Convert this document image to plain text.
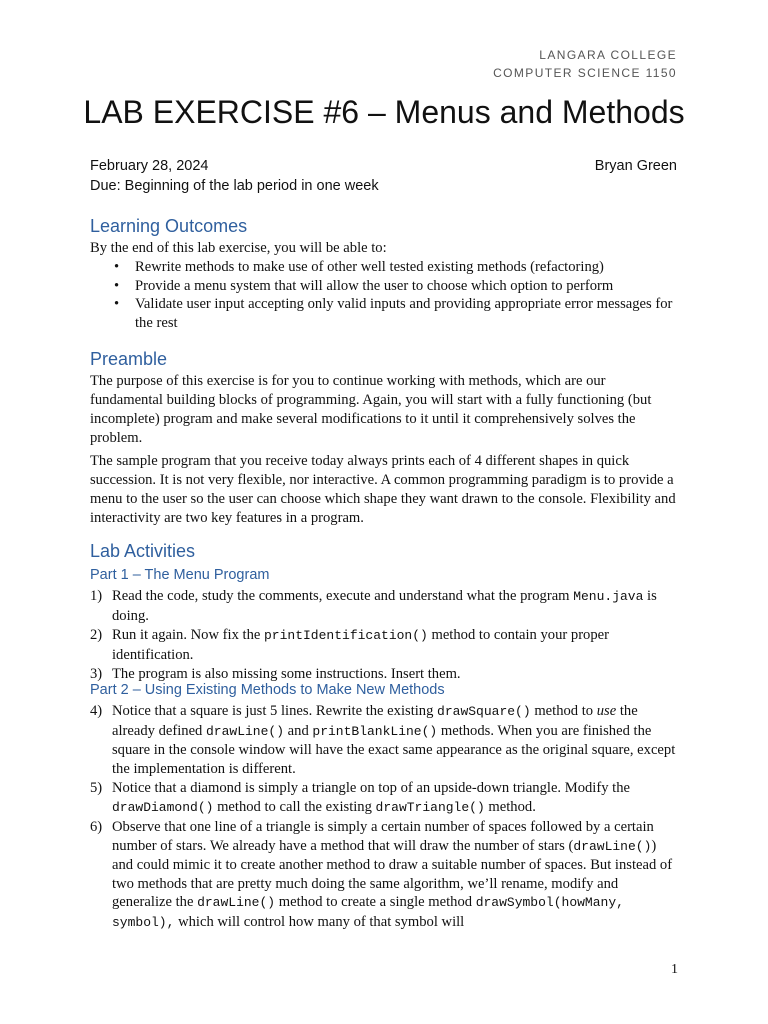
LANGARA COLLEGE
COMPUTER SCIENCE 1150
LAB EXERCISE #6 – Menus and Methods
February 28, 2024	Bryan Green
Due: Beginning of the lab period in one week
Learning Outcomes

By the end of this lab exercise, you will be able to:

• Rewrite methods to make use of other well tested existing methods (refactoring)
• Provide a menu system that will allow the user to choose which option to perform
• Validate user input accepting only valid inputs and providing appropriate error messages for the rest
Preamble

The purpose of this exercise is for you to continue working with methods, which are our fundamental building blocks of programming. Again, you will start with a fully functioning (but incomplete) program and make several modifications to it until it comprehensively solves the problem.

The sample program that you receive today always prints each of 4 different shapes in quick succession. It is not very flexible, nor interactive. A common programming paradigm is to provide a menu to the user so the user can choose which shape they want drawn to the console. Flexibility and interactivity are two key features in a program.

Lab Activities
Part 1 – The Menu Program
1) Read the code, study the comments, execute and understand what the program Menu.java is doing.
2) Run it again. Now fix the printIdentification() method to contain your proper identification.
3) The program is also missing some instructions. Insert them.
Part 2 – Using Existing Methods to Make New Methods
4) Notice that a square is just 5 lines. Rewrite the existing drawSquare() method to use the already defined drawLine() and printBlankLine() methods. When you are finished the square in the console window will have the exact same appearance as the original square, except the implementation is different.
5) Notice that a diamond is simply a triangle on top of an upside-down triangle. Modify the drawDiamond() method to call the existing drawTriangle() method.
6) Observe that one line of a triangle is simply a certain number of spaces followed by a certain number of stars. We already have a method that will draw the number of stars (drawLine()) and could mimic it to create another method to draw a suitable number of spaces. But instead of two methods that are pretty much doing the same algorithm, we’ll rename, modify and generalize the drawLine() method to create a single method drawSymbol(howMany, symbol), which will control how many of that symbol will
1
